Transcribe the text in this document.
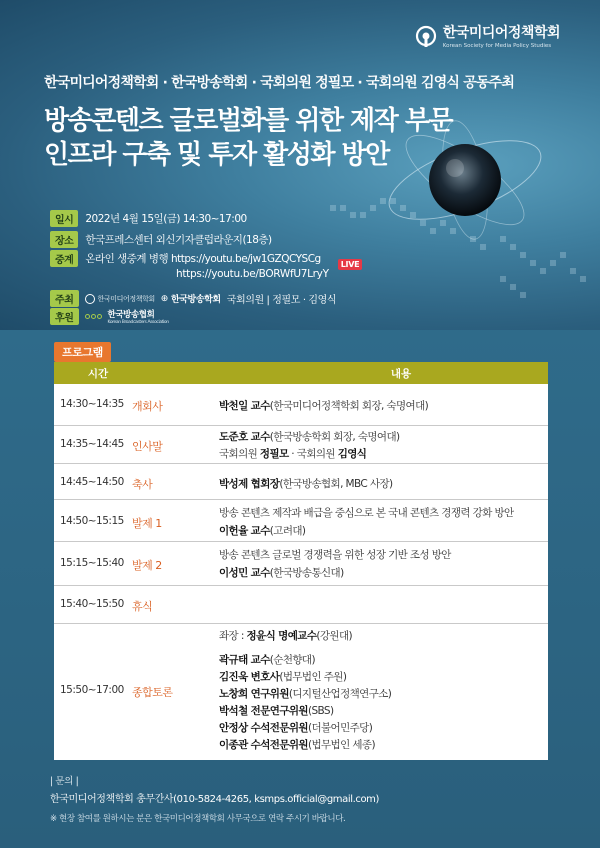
한국미디어정책학회
Korean Society for Media Policy Studies
한국미디어정책학회 · 한국방송학회 · 국회의원 정필모 · 국회의원 김영식 공동주최
방송콘텐츠 글로벌화를 위한 제작 부문
인프라 구축 및 투자 활성화 방안
일시	2022년 4월 15일(금) 14:30~17:00
장소	한국프레스센터 외신기자클럽라운지(18층)
중계	온라인 생중계 병행 https://youtu.be/jw1GZQCYSCg
https://youtu.be/BORWfU7LryY $^{LIVE}$
주최	한국미디어정책학회 ⊕ 한국방송학회 국회의원 | 정필모 · 김영식
후원	한국방송협회
Korean Broadcasters Association
프로그램
시간	내용
14:30~14:35 개회사	박천일 교수(한국미디어정책학회 회장, 숙명여대)
14:35~14:45 인사말
도준호 교수(한국방송학회 회장, 숙명여대)
국회의원 정필모 · 국회의원 김영식
14:45~14:50 축사	박성제 협회장(한국방송협회, MBC 사장)
14:50~15:15 발제 1
방송 콘텐츠 제작과 배급을 중심으로 본 국내 콘텐츠 경쟁력 강화 방안
이헌율 교수(고려대)
15:15~15:40 발제 2
방송 콘텐츠 글로벌 경쟁력을 위한 성장 기반 조성 방안
이성민 교수(한국방송통신대)
15:40~15:50 휴식
15:50~17:00 종합토론
좌장 : 정윤식 명예교수(강원대)
곽규태 교수(순천향대)
김진욱 변호사(법무법인 주원)
노창희 연구위원(디지털산업정책연구소)
박석철 전문연구위원(SBS)
안정상 수석전문위원(더불어민주당)
이종관 수석전문위원(법무법인 세종)
| 문의 |
한국미디어정책학회 총무간사(010-5824-4265, ksmps.official@gmail.com)
※ 현장 참여를 원하시는 분은 한국미디어정책학회 사무국으로 연락 주시기 바랍니다.
